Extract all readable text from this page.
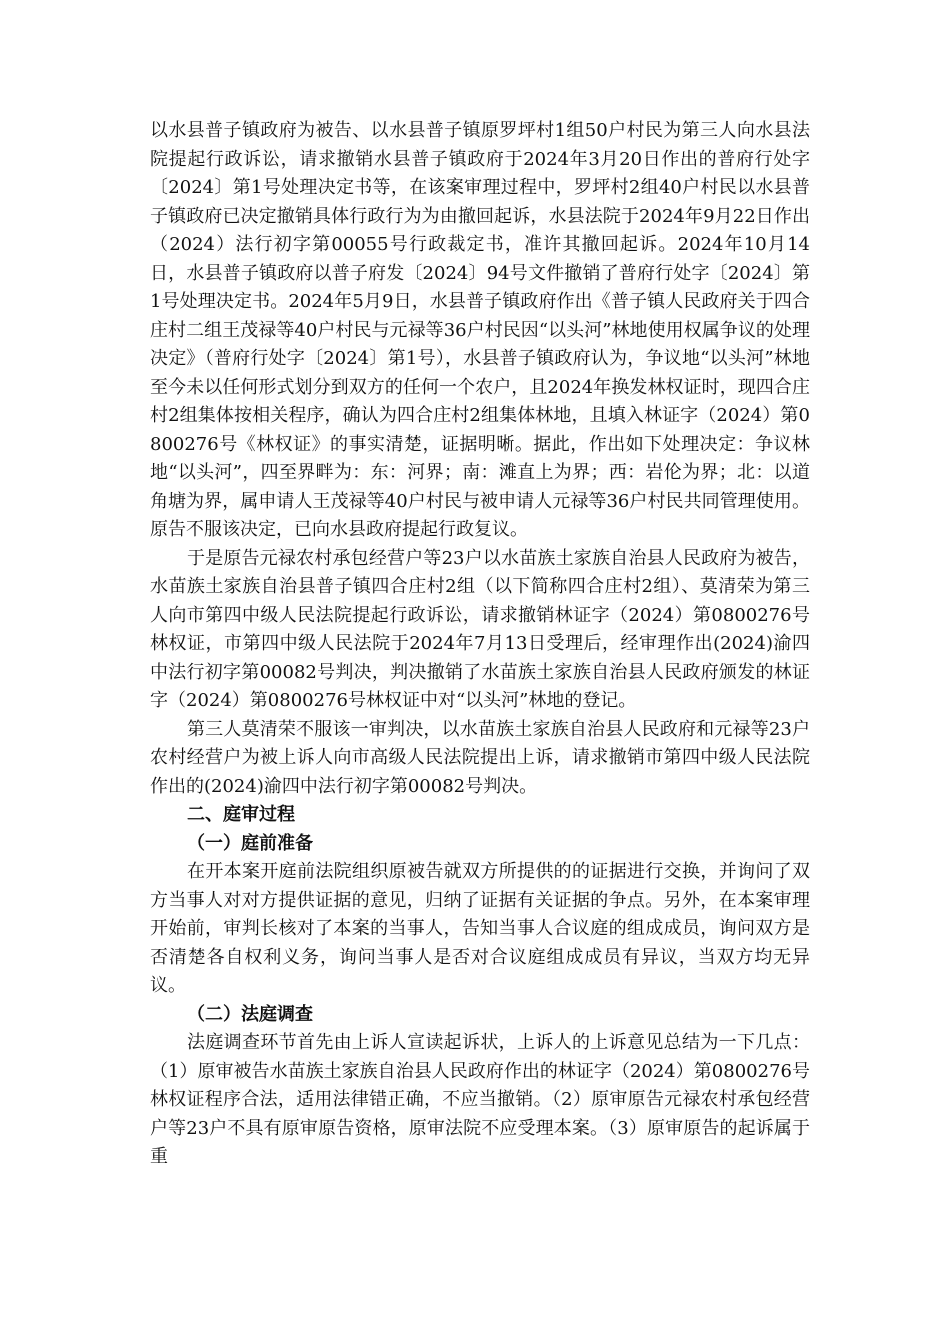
以水县普子镇政府为被告、以水县普子镇原罗坪村1组50户村民为第三人向水县法院提起行政诉讼，请求撤销水县普子镇政府于2024年3月20日作出的普府行处字〔2024〕第1号处理决定书等，在该案审理过程中，罗坪村2组40户村民以水县普子镇政府已决定撤销具体行政行为为由撤回起诉，水县法院于2024年9月22日作出（2024）法行初字第00055号行政裁定书，准许其撤回起诉。2024年10月14日，水县普子镇政府以普子府发〔2024〕94号文件撤销了普府行处字〔2024〕第1号处理决定书。2024年5月9日，水县普子镇政府作出《普子镇人民政府关于四合庄村二组王茂禄等40户村民与元禄等36户村民因“以头河”林地使用权属争议的处理决定》（普府行处字〔2024〕第1号），水县普子镇政府认为，争议地“以头河”林地至今未以任何形式划分到双方的任何一个农户，且2024年换发林权证时，现四合庄村2组集体按相关程序，确认为四合庄村2组集体林地，且填入林证字（2024）第0800276号《林权证》的事实清楚，证据明晰。据此，作出如下处理决定：争议林地“以头河”，四至界畔为：东：河界；南：滩直上为界；西：岩伦为界；北：以道角塘为界，属申请人王茂禄等40户村民与被申请人元禄等36户村民共同管理使用。原告不服该决定，已向水县政府提起行政复议。

于是原告元禄农村承包经营户等23户以水苗族土家族自治县人民政府为被告，水苗族土家族自治县普子镇四合庄村2组（以下简称四合庄村2组）、莫清荣为第三人向市第四中级人民法院提起行政诉讼，请求撤销林证字（2024）第0800276号林权证，市第四中级人民法院于2024年7月13日受理后，经审理作出(2024)渝四中法行初字第00082号判决，判决撤销了水苗族土家族自治县人民政府颁发的林证字（2024）第0800276号林权证中对“以头河”林地的登记。

第三人莫清荣不服该一审判决，以水苗族土家族自治县人民政府和元禄等23户农村经营户为被上诉人向市高级人民法院提出上诉，请求撤销市第四中级人民法院作出的(2024)渝四中法行初字第00082号判决。

二、庭审过程
（一）庭前准备

在开本案开庭前法院组织原被告就双方所提供的的证据进行交换，并询问了双方当事人对对方提供证据的意见，归纳了证据有关证据的争点。另外，在本案审理开始前，审判长核对了本案的当事人，告知当事人合议庭的组成成员，询问双方是否清楚各自权利义务，询问当事人是否对合议庭组成成员有异议，当双方均无异议。

（二）法庭调查

法庭调查环节首先由上诉人宣读起诉状，上诉人的上诉意见总结为一下几点：（1）原审被告水苗族土家族自治县人民政府作出的林证字（2024）第0800276号林权证程序合法，适用法律错正确，不应当撤销。（2）原审原告元禄农村承包经营户等23户不具有原审原告资格，原审法院不应受理本案。（3）原审原告的起诉属于重
